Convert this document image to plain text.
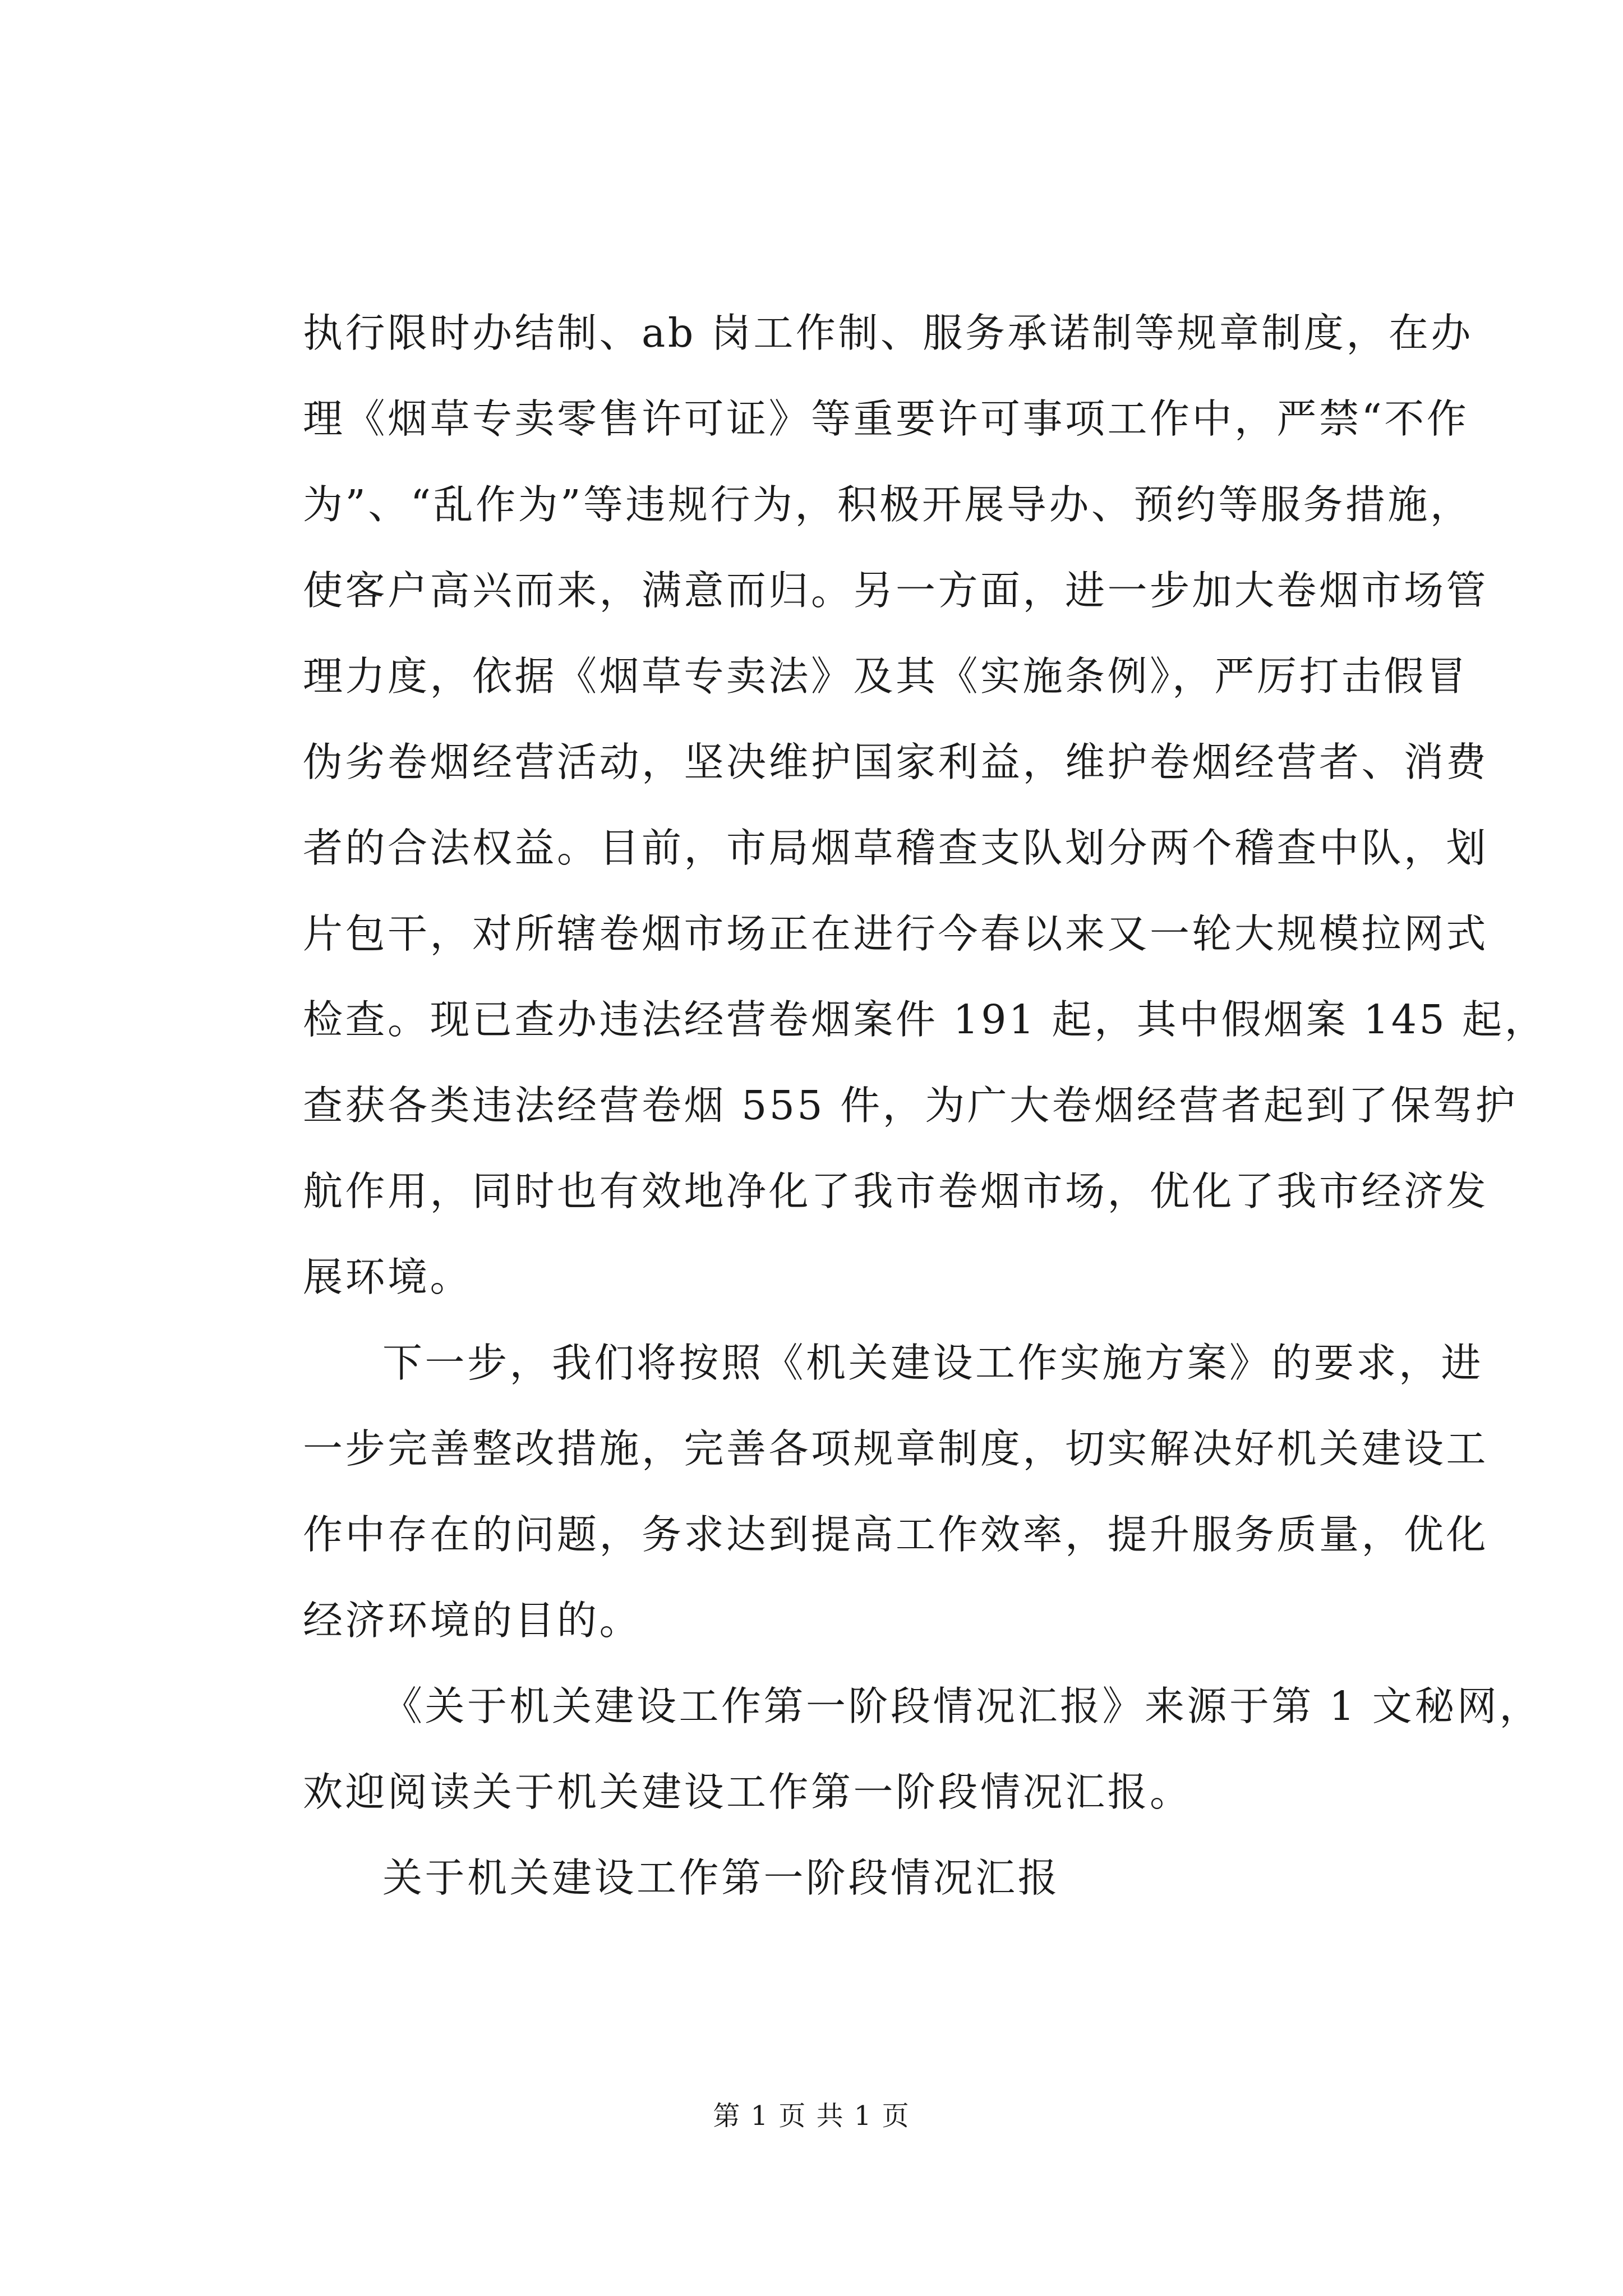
执行限时办结制、ab 岗工作制、服务承诺制等规章制度，在办
理《烟草专卖零售许可证》等重要许可事项工作中，严禁“不作
为”、“乱作为”等违规行为，积极开展导办、预约等服务措施，
使客户高兴而来，满意而归。另一方面，进一步加大卷烟市场管
理力度，依据《烟草专卖法》及其《实施条例》，严厉打击假冒
伪劣卷烟经营活动，坚决维护国家利益，维护卷烟经营者、消费
者的合法权益。目前，市局烟草稽查支队划分两个稽查中队，划
片包干，对所辖卷烟市场正在进行今春以来又一轮大规模拉网式
检查。现已查办违法经营卷烟案件 191 起，其中假烟案 145 起，
查获各类违法经营卷烟 555 件，为广大卷烟经营者起到了保驾护
航作用，同时也有效地净化了我市卷烟市场，优化了我市经济发
展环境。
下一步，我们将按照《机关建设工作实施方案》的要求，进
一步完善整改措施，完善各项规章制度，切实解决好机关建设工
作中存在的问题，务求达到提高工作效率，提升服务质量，优化
经济环境的目的。
《关于机关建设工作第一阶段情况汇报》来源于第 1 文秘网，
欢迎阅读关于机关建设工作第一阶段情况汇报。
关于机关建设工作第一阶段情况汇报
第 1 页 共 1 页
